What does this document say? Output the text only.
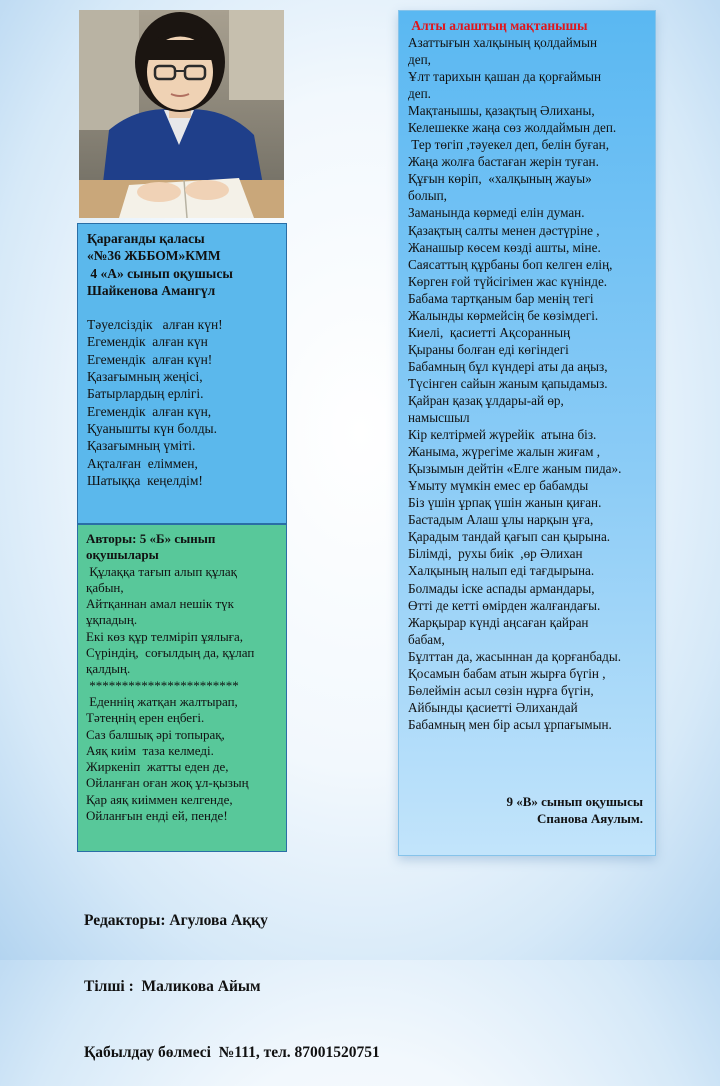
Қарағанды қаласы
«№36 ЖББОМ»КММ
4 «А» сынып оқушысы
Шайкенова Амангүл
Тәуелсіздік   алған күн!
Егемендік  алған күн
Егемендік  алған күн!
Қазағымның жеңісі,
Батырлардың ерлігі.
Егемендік  алған күн,
Қуанышты күн болды.
Қазағымның үміті.
Ақталған  еліммен,
Шатыққа  кеңелдім!
Авторы: 5 «Б» сынып
оқушылары
Құлаққа тағып алып құлақ
қабын,
Айтқаннан амал нешік түк
ұқпадың.
Екі көз құр телміріп ұялыға,
Сүріндің,  соғылдың да, құлап
қалдың.
***********************
Еденнің жатқан жалтырап,
Тәтеңнің ерен еңбегі.
Саз балшық әрі топырақ,
Аяқ киім  таза келмеді.
Жиркеніп  жатты еден де,
Ойланған оған жоқ ұл-қызың
Қар аяқ киіммен келгенде,
Ойланғын енді ей, пенде!
Алты алаштың мақтанышы
Азаттығын халқының қолдаймын
деп,
Ұлт тарихын қашан да қорғаймын
деп.
Мақтанышы, қазақтың Әлиханы,
Келешекке жаңа сөз жолдаймын деп.
Тер төгіп ,тәуекел деп, белін буған,
Жаңа жолға бастаған жерін туған.
Құғын көріп,  «халқының жауы»
болып,
Заманында көрмеді елін думан.
Қазақтың салты менен дәстүріне ,
Жанашыр көсем көзді ашты, міне.
Саясаттың құрбаны боп келген елің,
Көрген ғой түйсігімен жас күнінде.
Бабама тартқаным бар менің тегі
Жалынды көрмейсің бе көзімдегі.
Киелі,  қасиетті Ақсоранның
Қыраны болған еді көгіндегі
Бабамның бұл күндері аты да аңыз,
Түсінген сайын жаным қапыдамыз.
Қайран қазақ ұлдары-ай өр,
намысшыл
Кір келтірмей жүрейік  атына біз.
Жанымa, жүрегіме жалын жиғам ,
Қызымын дейтін «Елге жаным пида».
Ұмыту мүмкін емес ер бабамды
Біз үшін ұрпақ үшін жанын қиған.
Бастадым Алаш ұлы нарқын ұға,
Қарадым тандай қағып сан қырына.
Білімді,  рухы биік  ,өр Әлихан
Халқының налып еді тағдырына.
Болмады іске аспады армандары,
Өтті де кетті өмірден жалғандағы.
Жарқырар күнді аңсаған қайран
бабам,
Бұлттан да, жасыннан да қорғанбады.
Қосамын бабам атын жырға бүгін ,
Бөлеймін асыл сөзін нұрға бүгін,
Айбынды қасиетті Әлихандай
Бабамның мен бір асыл ұрпағымын.
9 «В» сынып оқушысы
Спанова Аяулым.

Редакторы: Агулова Аққу

Тілші :  Маликова Айым

Қабылдау бөлмесі  №111, тел. 87001520751
